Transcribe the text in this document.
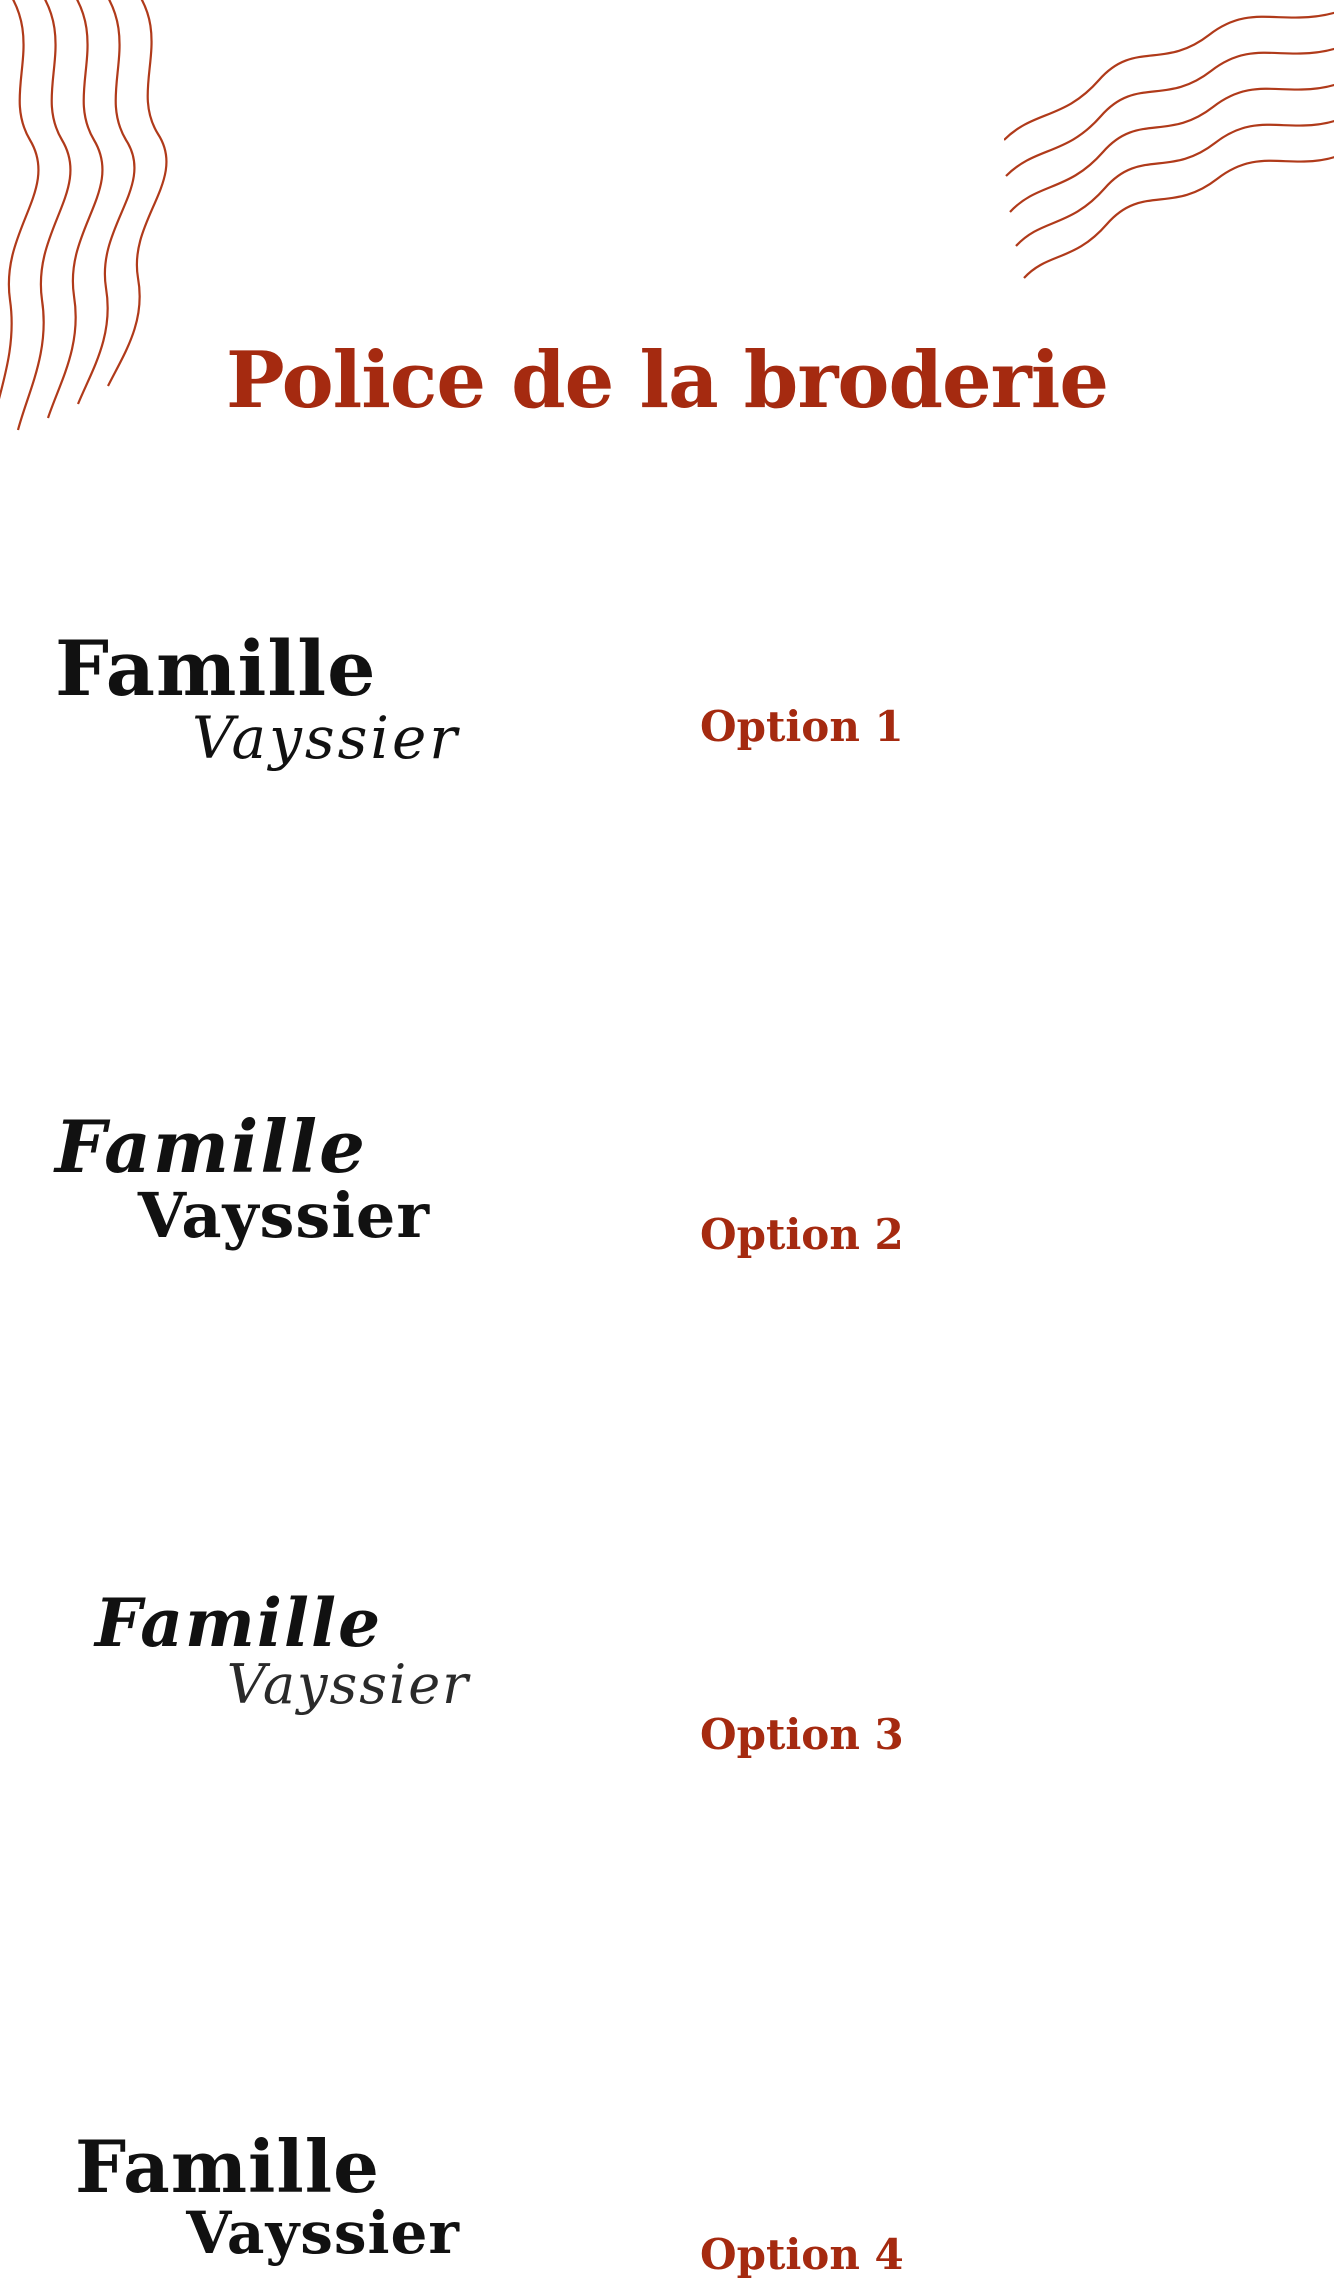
Police de la broderie
Famille
Vayssier	Option 1
Famille
Vayssier	Option 2
Famille
Vayssier
Option 3
Famille
Vayssier	Option 4
